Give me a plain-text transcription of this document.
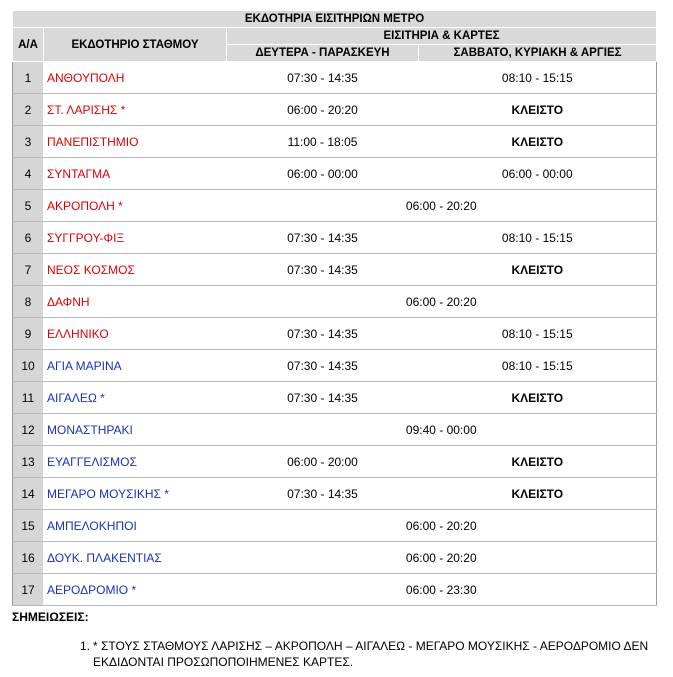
ΕΚΔΟΤΗΡΙΑ ΕΙΣΙΤΗΡΙΩΝ ΜΕΤΡΟ			
Α/Α	ΕΚΔΟΤΗΡΙΟ ΣΤΑΘΜΟΥ	ΕΙΣΙΤΗΡΙΑ & ΚΑΡΤΕΣ	
		ΔΕΥΤΕΡΑ - ΠΑΡΑΣΚΕΥΗ	ΣΑΒΒΑΤΟ, ΚΥΡΙΑΚΗ & ΑΡΓΙΕΣ
1	ΑΝΘΟΥΠΟΛΗ	07:30 - 14:35	08:10 - 15:15
2	ΣΤ. ΛΑΡΙΣΗΣ *	06:00 - 20:20	ΚΛΕΙΣΤΟ
3	ΠΑΝΕΠΙΣΤΗΜΙΟ	11:00 - 18:05	ΚΛΕΙΣΤΟ
4	ΣΥΝΤΑΓΜΑ	06:00 - 00:00	06:00 - 00:00
5	ΑΚΡΟΠΟΛΗ *	06:00 - 20:20	
6	ΣΥΓΓΡΟΥ-ΦΙΞ	07:30 - 14:35	08:10 - 15:15
7	ΝΕΟΣ ΚΟΣΜΟΣ	07:30 - 14:35	ΚΛΕΙΣΤΟ
8	ΔΑΦΝΗ	06:00 - 20:20	
9	ΕΛΛΗΝΙΚΟ	07:30 - 14:35	08:10 - 15:15
10	ΑΓΙΑ ΜΑΡΙΝΑ	07:30 - 14:35	08:10 - 15:15
11	ΑΙΓΑΛΕΩ *	07:30 - 14:35	ΚΛΕΙΣΤΟ
12	ΜΟΝΑΣΤΗΡΑΚΙ	09:40 - 00:00	
13	ΕΥΑΓΓΕΛΙΣΜΟΣ	06:00 - 20:00	ΚΛΕΙΣΤΟ
14	ΜΕΓΑΡΟ ΜΟΥΣΙΚΗΣ *	07:30 - 14:35	ΚΛΕΙΣΤΟ
15	ΑΜΠΕΛΟΚΗΠΟΙ	06:00 - 20:20	
16	ΔΟΥΚ. ΠΛΑΚΕΝΤΙΑΣ	06:00 - 20:20	
17	ΑΕΡΟΔΡΟΜΙΟ *	06:00 - 23:30	
ΣΗΜΕΙΩΣΕΙΣ:
1. * ΣΤΟΥΣ ΣΤΑΘΜΟΥΣ ΛΑΡΙΣΗΣ – ΑΚΡΟΠΟΛΗ – ΑΙΓΑΛΕΩ - ΜΕΓΑΡΟ ΜΟΥΣΙΚΗΣ - ΑΕΡΟΔΡΟΜΙΟ ΔΕΝ ΕΚΔΙΔΟΝΤΑΙ ΠΡΟΣΩΠΟΠΟΙΗΜΕΝΕΣ ΚΑΡΤΕΣ.
